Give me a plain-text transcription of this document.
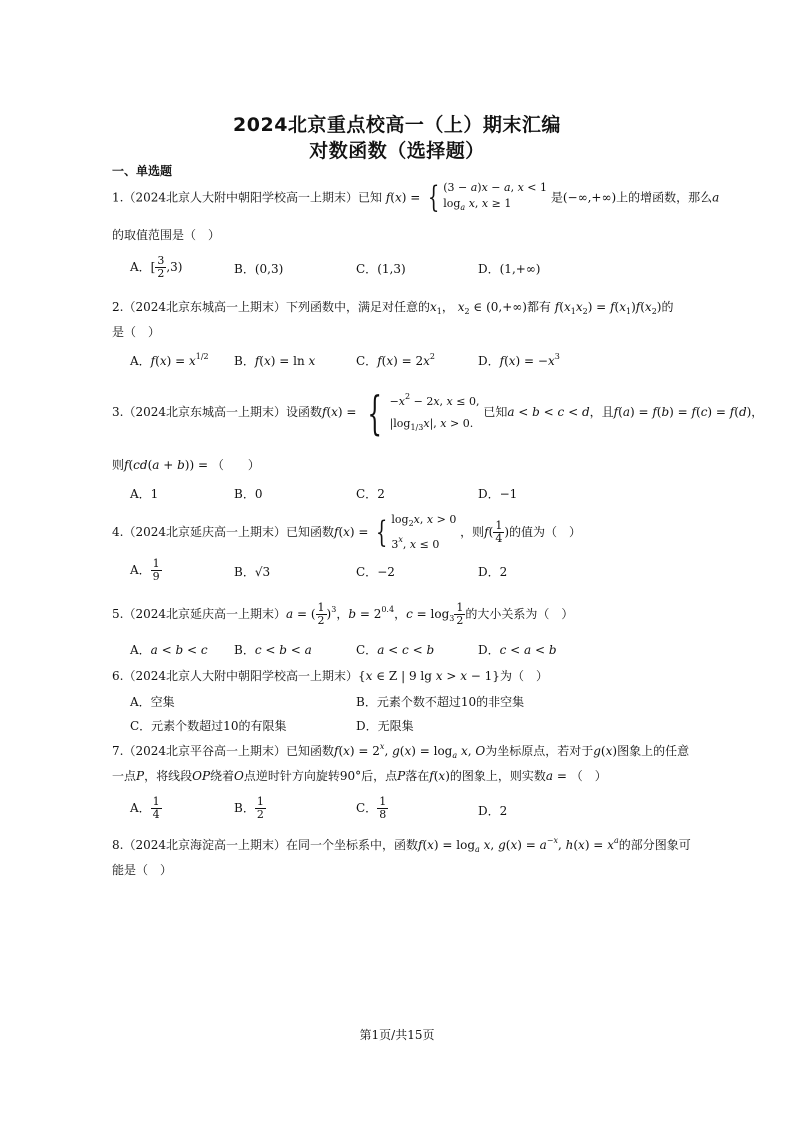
2024北京重点校高一（上）期末汇编
对数函数（选择题）
一、单选题
1.（2024北京人大附中朝阳学校高一上期末）已知 f(x) = { (3 − a)x − a, x < 1
$\log_a x$, x ≥ 1	是(−∞,+∞)上的增函数，那么a
的取值范围是（　）
A．[ $\frac{3}{2} ,3$)	B．(0,3)	C．(1,3)	D．(1,+∞)
2.（2024北京东城高一上期末）下列函数中，满足对任意的$x_1$， $x_2$ ∈ (0,+∞)都有 $f(x_1x_2) = f(x_1)f(x_2)$的
是（　）
A．$f(x) = x^{1/2}$ B．f(x) = ln x	C．$f(x) = 2x^2$	D．$f(x) = -x^3$
3.（2024北京东城高一上期末）设函数f(x) = { $-x^2 - 2x$, x ≤ 0,
$|\log_{1/3}x|$, x > 0. 已知a < b < c < d，且f(a) = f(b) = f(c) = f(d)，
则f(cd(a + b)) = （　　）
A．1	B．0	C．2	D．−1
4.（2024北京延庆高一上期末）已知函数f(x) = { $\log_2x$, x > 0
3$^x$, x ≤ 0 ，则$f( \frac{1}{4}$ )的值为（　）
A． $\frac{1}{9}$	B．√3	C．−2	D．2
5.（2024北京延庆高一上期末）a = ( $\frac{1}{2} )^3$，$b = 2^{0.4}$，$c = \log_3 \frac{1}{2}$ 的大小关系为（　）
A．a < b < c B．c < b < a	C．a < c < b	D．c < a < b
6.（2024北京人大附中朝阳学校高一上期末）{x ∈ Z | 9 lg x > x − 1}为（　）
A．空集	B．元素个数不超过10的非空集
C．元素个数超过10的有限集	D．无限集
7.（2024北京平谷高一上期末）已知函数$f(x) = 2^x$, $g(x) = \log_a x$, O为坐标原点，若对于g(x)图象上的任意
一点P，将线段OP绕着O点逆时针方向旋转90°后，点P落在f(x)的图象上，则实数a = （　）
A． $\frac{1}{4}$	B． $\frac{1}{2}$	C． $\frac{1}{8}$	D．2
8.（2024北京海淀高一上期末）在同一个坐标系中，函数$f(x) = \log_a x$, $g(x) = a^{-x}$, $h(x) = x^a$的部分图象可
能是（　）
第1页/共15页
